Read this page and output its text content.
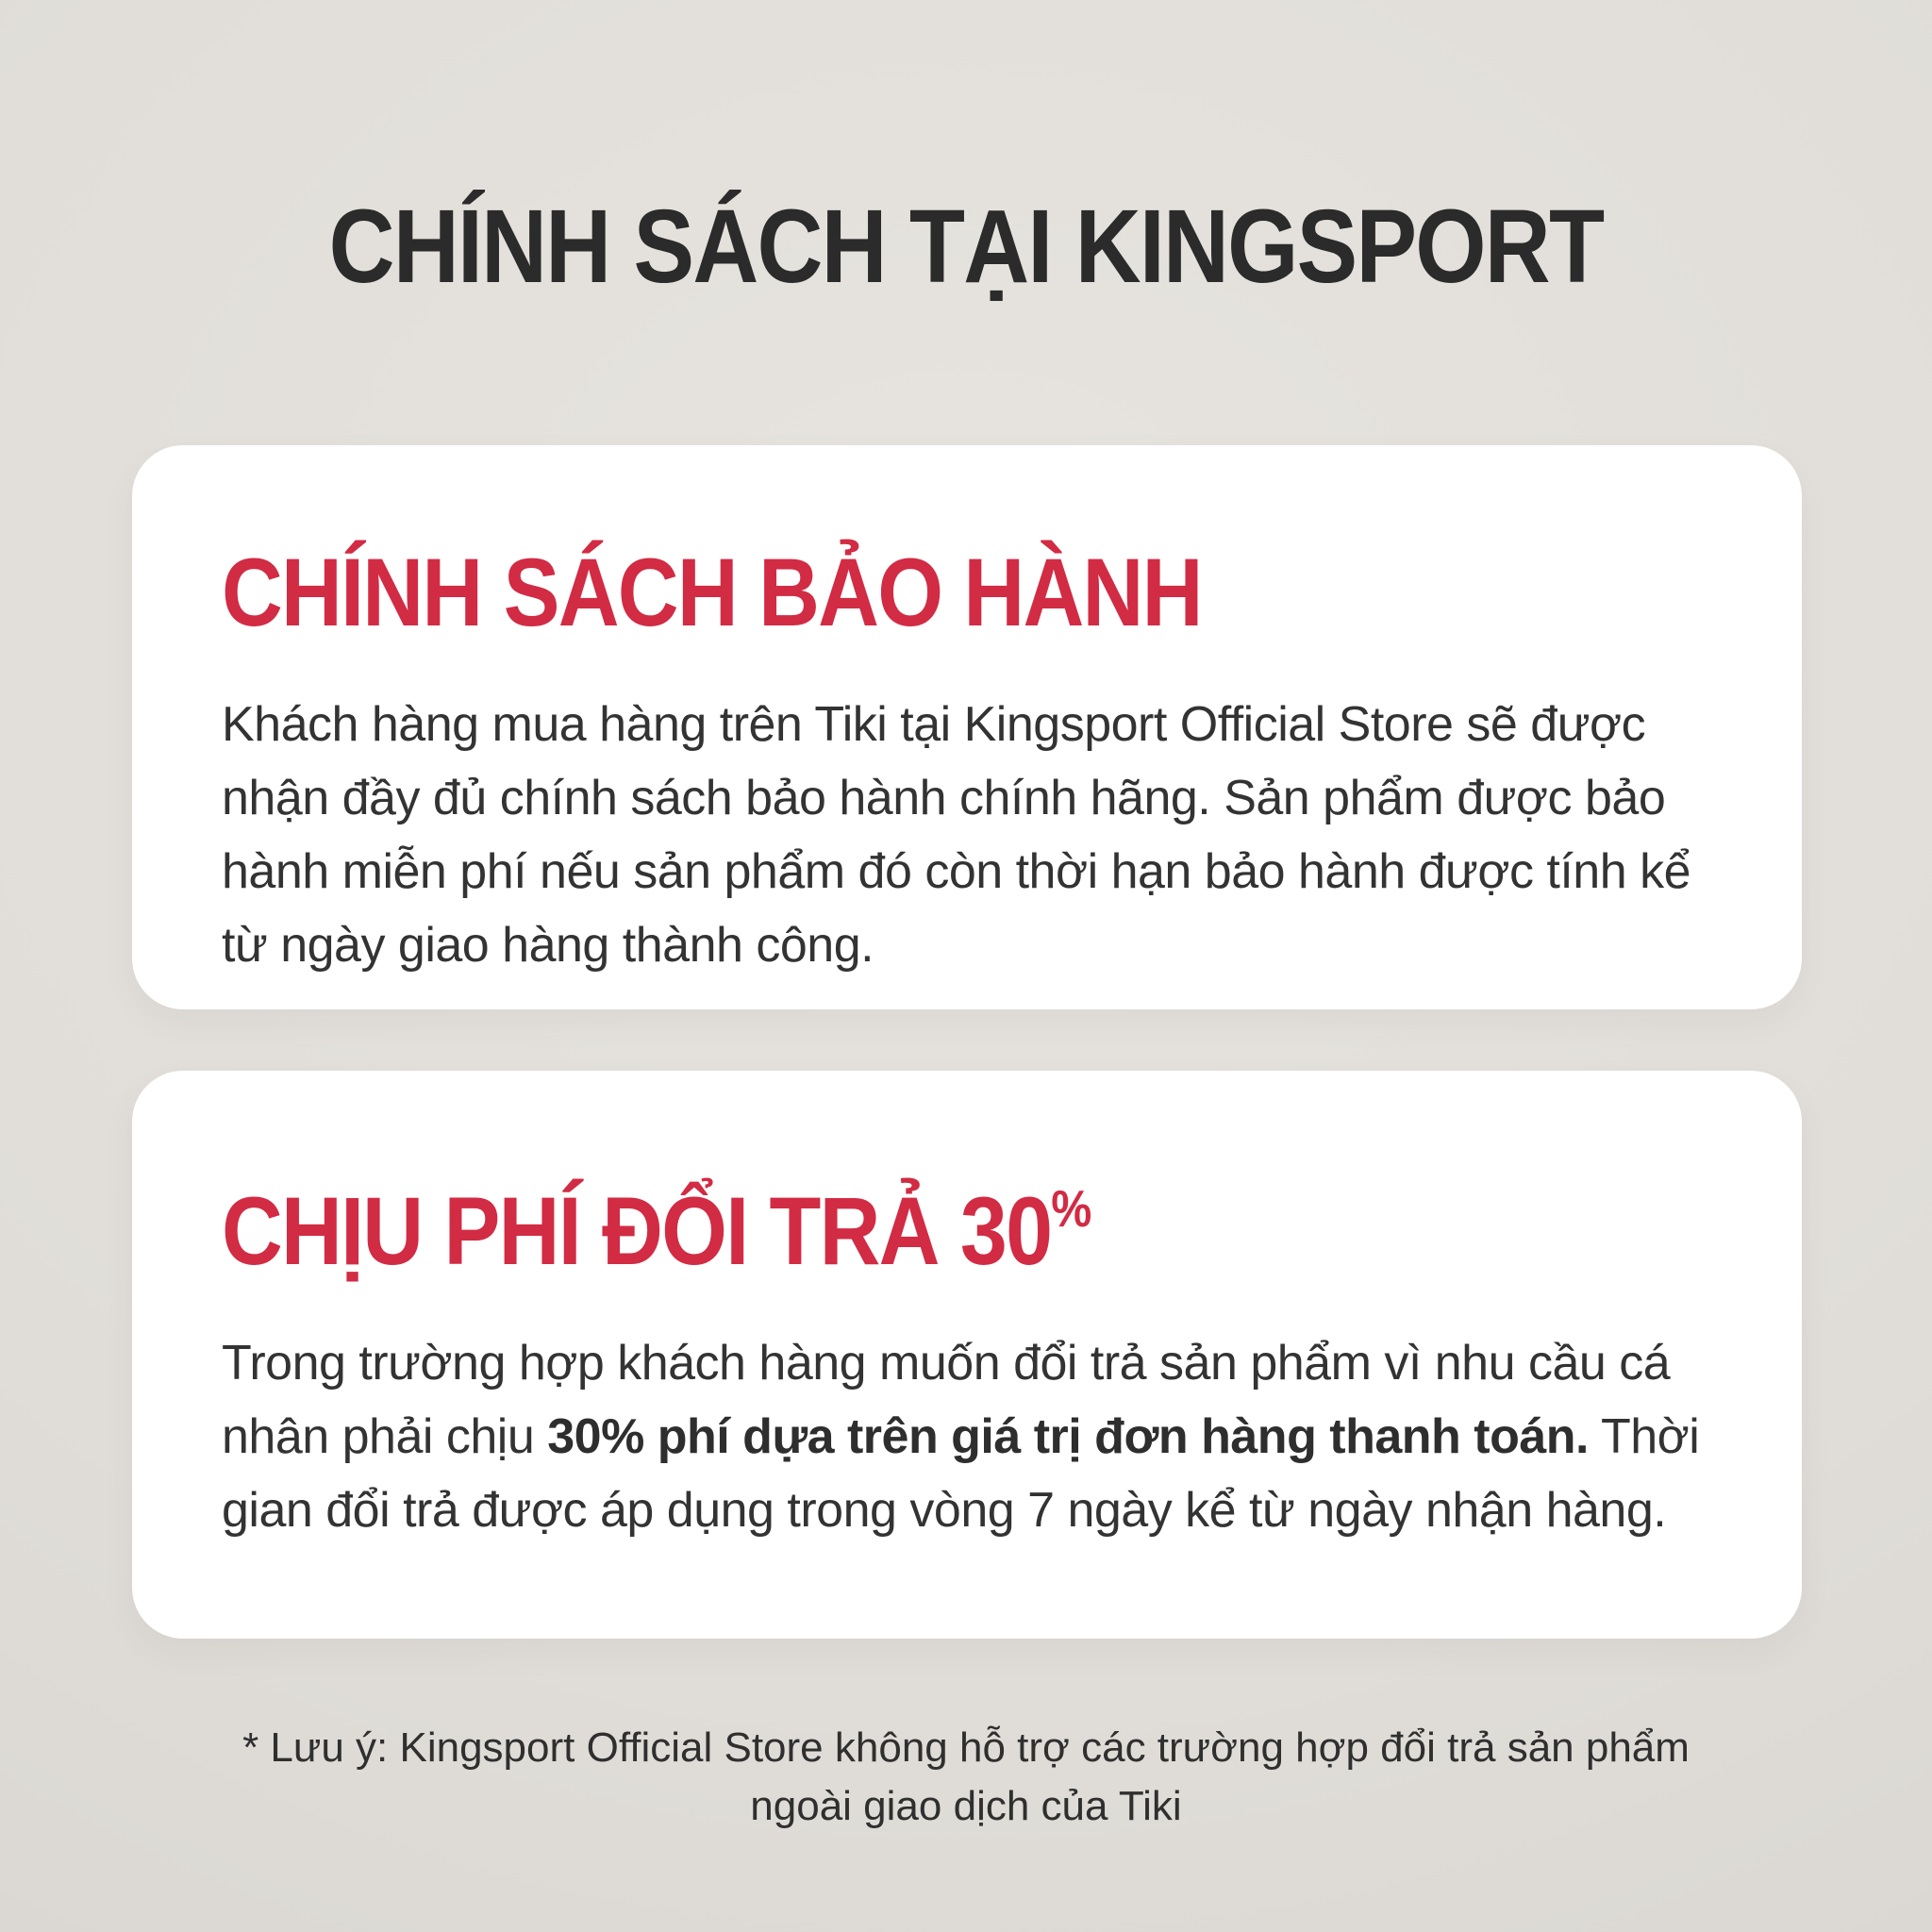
CHÍNH SÁCH TẠI KINGSPORT
CHÍNH SÁCH BẢO HÀNH

Khách hàng mua hàng trên Tiki tại Kingsport Official Store sẽ được nhận đầy đủ chính sách bảo hành chính hãng. Sản phẩm được bảo hành miễn phí nếu sản phẩm đó còn thời hạn bảo hành được tính kể từ ngày giao hàng thành công.

CHỊU PHÍ ĐỔI TRẢ 30%

Trong trường hợp khách hàng muốn đổi trả sản phẩm vì nhu cầu cá nhân phải chịu 30% phí dựa trên giá trị đơn hàng thanh toán. Thời gian đổi trả được áp dụng trong vòng 7 ngày kể từ ngày nhận hàng.

* Lưu ý: Kingsport Official Store không hỗ trợ các trường hợp đổi trả sản phẩm
ngoài giao dịch của Tiki
